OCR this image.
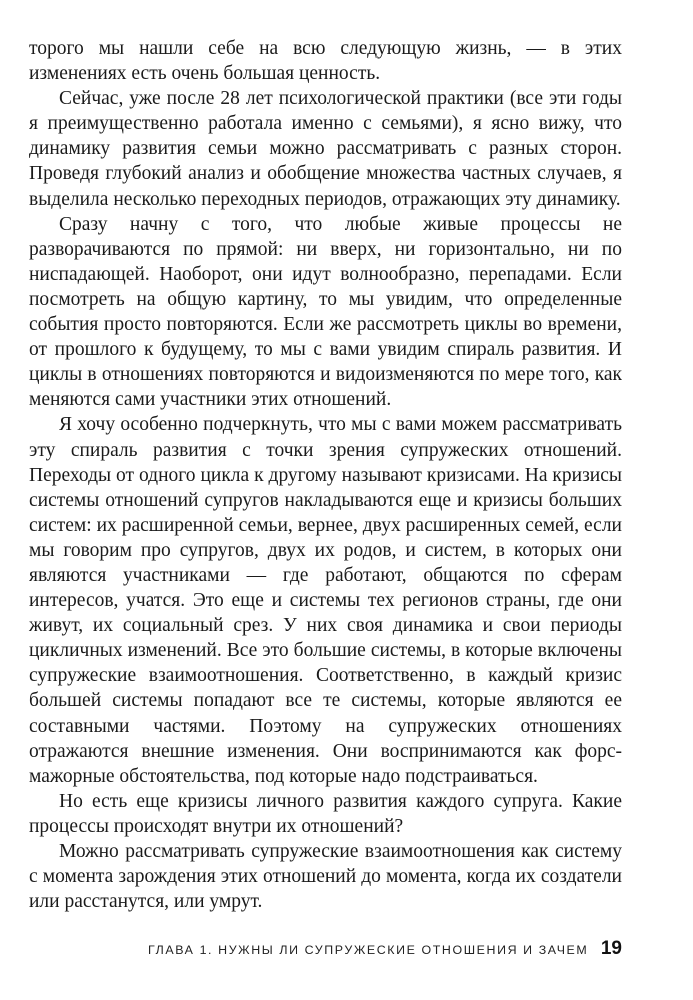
торого мы нашли себе на всю следующую жизнь, — в этих изменениях есть очень большая ценность.

Сейчас, уже после 28 лет психологической практики (все эти годы я преимущественно работала именно с семьями), я ясно вижу, что динамику развития семьи можно рассматривать с разных сторон. Проведя глубокий анализ и обобщение множества частных случаев, я выделила несколько переходных периодов, отражающих эту динамику.

Сразу начну с того, что любые живые процессы не разворачиваются по прямой: ни вверх, ни горизонтально, ни по ниспадающей. Наоборот, они идут волнообразно, перепадами. Если посмотреть на общую картину, то мы увидим, что определенные события просто повторяются. Если же рассмотреть циклы во времени, от прошлого к будущему, то мы с вами увидим спираль развития. И циклы в отношениях повторяются и видоизменяются по мере того, как меняются сами участники этих отношений.

Я хочу особенно подчеркнуть, что мы с вами можем рассматривать эту спираль развития с точки зрения супружеских отношений. Переходы от одного цикла к другому называют кризисами. На кризисы системы отношений супругов накладываются еще и кризисы больших систем: их расширенной семьи, вернее, двух расширенных семей, если мы говорим про супругов, двух их родов, и систем, в которых они являются участниками — где работают, общаются по сферам интересов, учатся. Это еще и системы тех регионов страны, где они живут, их социальный срез. У них своя динамика и свои периоды цикличных изменений. Все это большие системы, в которые включены супружеские взаимоотношения. Соответственно, в каждый кризис большей системы попадают все те системы, которые являются ее составными частями. Поэтому на супружеских отношениях отражаются внешние изменения. Они воспринимаются как форс-мажорные обстоятельства, под которые надо подстраиваться.

Но есть еще кризисы личного развития каждого супруга. Какие процессы происходят внутри их отношений?

Можно рассматривать супружеские взаимоотношения как систему с момента зарождения этих отношений до момента, когда их создатели или расстанутся, или умрут.

ГЛАВА 1. НУЖНЫ ЛИ СУПРУЖЕСКИЕ ОТНОШЕНИЯ И ЗАЧЕМ 19
